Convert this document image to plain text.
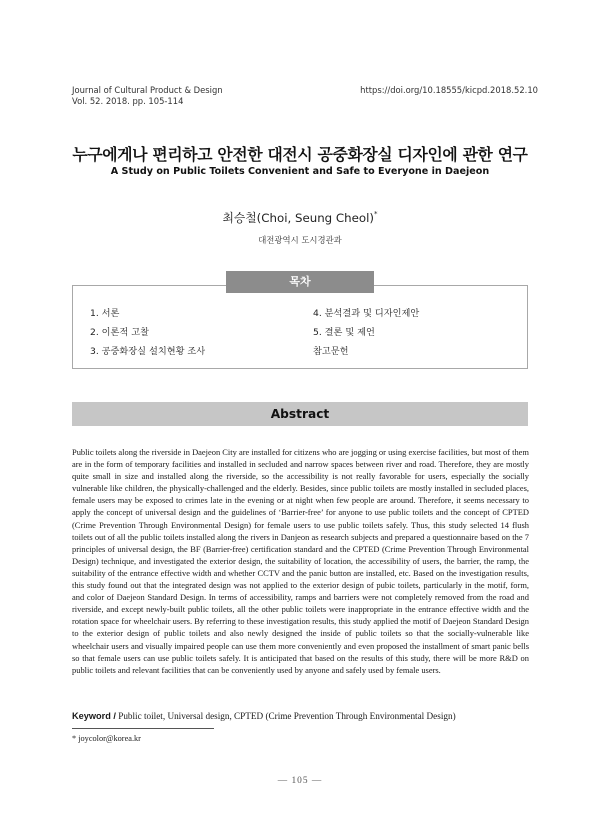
Journal of Cultural Product & Design
Vol. 52. 2018. pp. 105-114
https://doi.org/10.18555/kicpd.2018.52.10
누구에게나 편리하고 안전한 대전시 공중화장실 디자인에 관한 연구
A Study on Public Toilets Convenient and Safe to Everyone in Daejeon
최승철(Choi, Seung Cheol)*
대전광역시 도시경관과
목차
1. 서론
2. 이론적 고찰
3. 공중화장실 설치현황 조사
4. 분석결과 및 디자인제안
5. 결론 및 제언
참고문헌
Abstract
Public toilets along the riverside in Daejeon City are installed for citizens who are jogging or using exercise facilities, but most of them are in the form of temporary facilities and installed in secluded and narrow spaces between river and road. Therefore, they are mostly quite small in size and installed along the riverside, so the accessibility is not really favorable for users, especially the socially vulnerable like children, the physically-challenged and the elderly. Besides, since public toilets are mostly installed in secluded places, female users may be exposed to crimes late in the evening or at night when few people are around. Therefore, it seems necessary to apply the concept of universal design and the guidelines of ‘Barrier-free’ for anyone to use public toilets and the concept of CPTED (Crime Prevention Through Environmental Design) for female users to use public toilets safely. Thus, this study selected 14 flush toilets out of all the public toilets installed along the rivers in Danjeon as research subjects and prepared a questionnaire based on the 7 principles of universal design, the BF (Barrier-free) certification standard and the CPTED (Crime Prevention Through Environmental Design) technique, and investigated the exterior design, the suitability of location, the accessibility of users, the barrier, the ramp, the suitability of the entrance effective width and whether CCTV and the panic button are installed, etc. Based on the investigation results, this study found out that the integrated design was not applied to the exterior design of pubic toilets, particularly in the motif, form, and color of Daejeon Standard Design. In terms of accessibility, ramps and barriers were not completely removed from the road and riverside, and except newly-built public toilets, all the other public toilets were inappropriate in the entrance effective width and the rotation space for wheelchair users. By referring to these investigation results, this study applied the motif of Daejeon Standard Design to the exterior design of public toilets and also newly designed the inside of public toilets so that the socially-vulnerable like wheelchair users and visually impaired people can use them more conveniently and even proposed the installment of smart panic bells so that female users can use public toilets safely. It is anticipated that based on the results of this study, there will be more R&D on public toilets and relevant facilities that can be conveniently used by anyone and safely used by female users.
Keyword / Public toilet, Universal design, CPTED (Crime Prevention Through Environmental Design)
* joycolor@korea.kr
— 105 —
